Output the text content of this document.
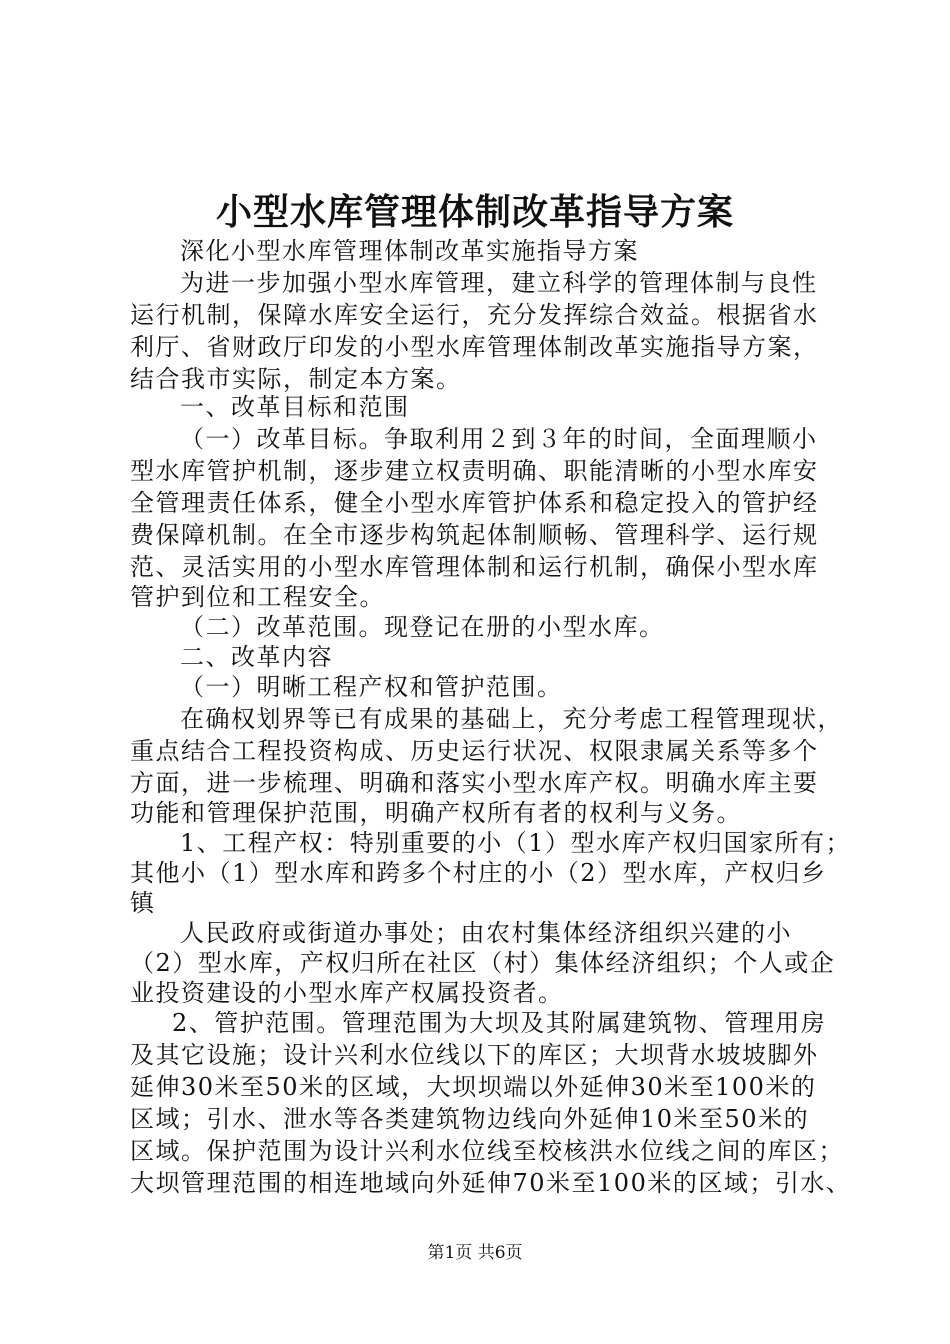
小型水库管理体制改革指导方案
深化小型水库管理体制改革实施指导方案
为进一步加强小型水库管理，建立科学的管理体制与良性
运行机制，保障水库安全运行，充分发挥综合效益。根据省水
利厅、省财政厅印发的小型水库管理体制改革实施指导方案，
结合我市实际，制定本方案。
一、改革目标和范围
（一）改革目标。争取利用２到３年的时间，全面理顺小
型水库管护机制，逐步建立权责明确、职能清晰的小型水库安
全管理责任体系，健全小型水库管护体系和稳定投入的管护经
费保障机制。在全市逐步构筑起体制顺畅、管理科学、运行规
范、灵活实用的小型水库管理体制和运行机制，确保小型水库
管护到位和工程安全。
（二）改革范围。现登记在册的小型水库。
二、改革内容
（一）明晰工程产权和管护范围。
在确权划界等已有成果的基础上，充分考虑工程管理现状，
重点结合工程投资构成、历史运行状况、权限隶属关系等多个
方面，进一步梳理、明确和落实小型水库产权。明确水库主要
功能和管理保护范围，明确产权所有者的权利与义务。
1、工程产权：特别重要的小（1）型水库产权归国家所有；
其他小（1）型水库和跨多个村庄的小（2）型水库，产权归乡
镇
人民政府或街道办事处；由农村集体经济组织兴建的小
（2）型水库，产权归所在社区（村）集体经济组织；个人或企
业投资建设的小型水库产权属投资者。
2、管护范围。管理范围为大坝及其附属建筑物、管理用房
及其它设施；设计兴利水位线以下的库区；大坝背水坡坡脚外
延伸30米至50米的区域，大坝坝端以外延伸30米至100米的
区域；引水、泄水等各类建筑物边线向外延伸10米至50米的
区域。保护范围为设计兴利水位线至校核洪水位线之间的库区；
大坝管理范围的相连地域向外延伸70米至100米的区域；引水、
第1页 共6页
